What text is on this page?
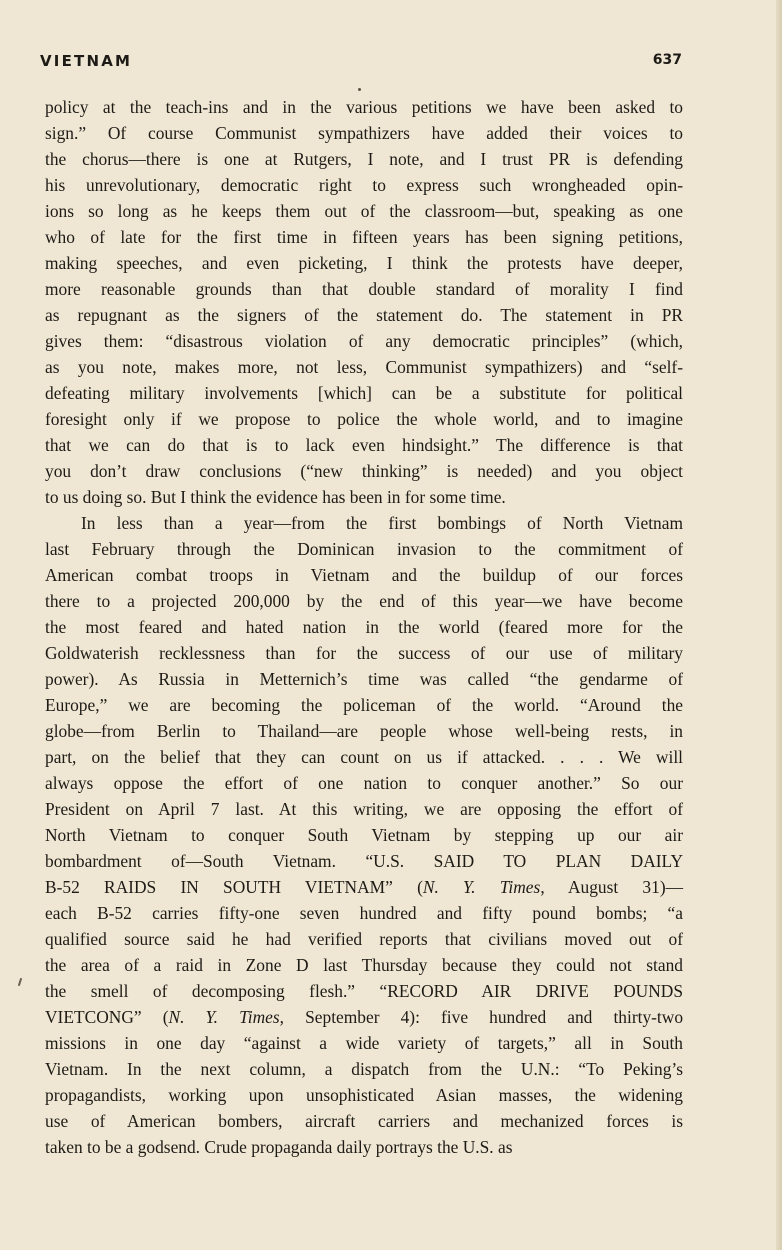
VIETNAM	637
policy at the teach-ins and in the various petitions we have been asked to
sign.” Of course Communist sympathizers have added their voices to
the chorus—there is one at Rutgers, I note, and I trust PR is defending
his unrevolutionary, democratic right to express such wrongheaded opin-
ions so long as he keeps them out of the classroom—but, speaking as one
who of late for the first time in fifteen years has been signing petitions,
making speeches, and even picketing, I think the protests have deeper,
more reasonable grounds than that double standard of morality I find
as repugnant as the signers of the statement do. The statement in PR
gives them: “disastrous violation of any democratic principles” (which,
as you note, makes more, not less, Communist sympathizers) and “self-
defeating military involvements [which] can be a substitute for political
foresight only if we propose to police the whole world, and to imagine
that we can do that is to lack even hindsight.” The difference is that
you don’t draw conclusions (“new thinking” is needed) and you object
to us doing so. But I think the evidence has been in for some time.
In less than a year—from the first bombings of North Vietnam
last February through the Dominican invasion to the commitment of
American combat troops in Vietnam and the buildup of our forces
there to a projected 200,000 by the end of this year—we have become
the most feared and hated nation in the world (feared more for the
Goldwaterish recklessness than for the success of our use of military
power). As Russia in Metternich’s time was called “the gendarme of
Europe,” we are becoming the policeman of the world. “Around the
globe—from Berlin to Thailand—are people whose well-being rests, in
part, on the belief that they can count on us if attacked. . . . We will
always oppose the effort of one nation to conquer another.” So our
President on April 7 last. At this writing, we are opposing the effort of
North Vietnam to conquer South Vietnam by stepping up our air
bombardment of—South Vietnam. “U.S. SAID TO PLAN DAILY
B-52 RAIDS IN SOUTH VIETNAM” (N. Y. Times, August 31)—
each B-52 carries fifty-one seven hundred and fifty pound bombs; “a
qualified source said he had verified reports that civilians moved out of
the area of a raid in Zone D last Thursday because they could not stand
the smell of decomposing flesh.” “RECORD AIR DRIVE POUNDS
VIETCONG” (N. Y. Times, September 4): five hundred and thirty-two
missions in one day “against a wide variety of targets,” all in South
Vietnam. In the next column, a dispatch from the U.N.: “To Peking’s
propagandists, working upon unsophisticated Asian masses, the widening
use of American bombers, aircraft carriers and mechanized forces is
taken to be a godsend. Crude propaganda daily portrays the U.S. as
